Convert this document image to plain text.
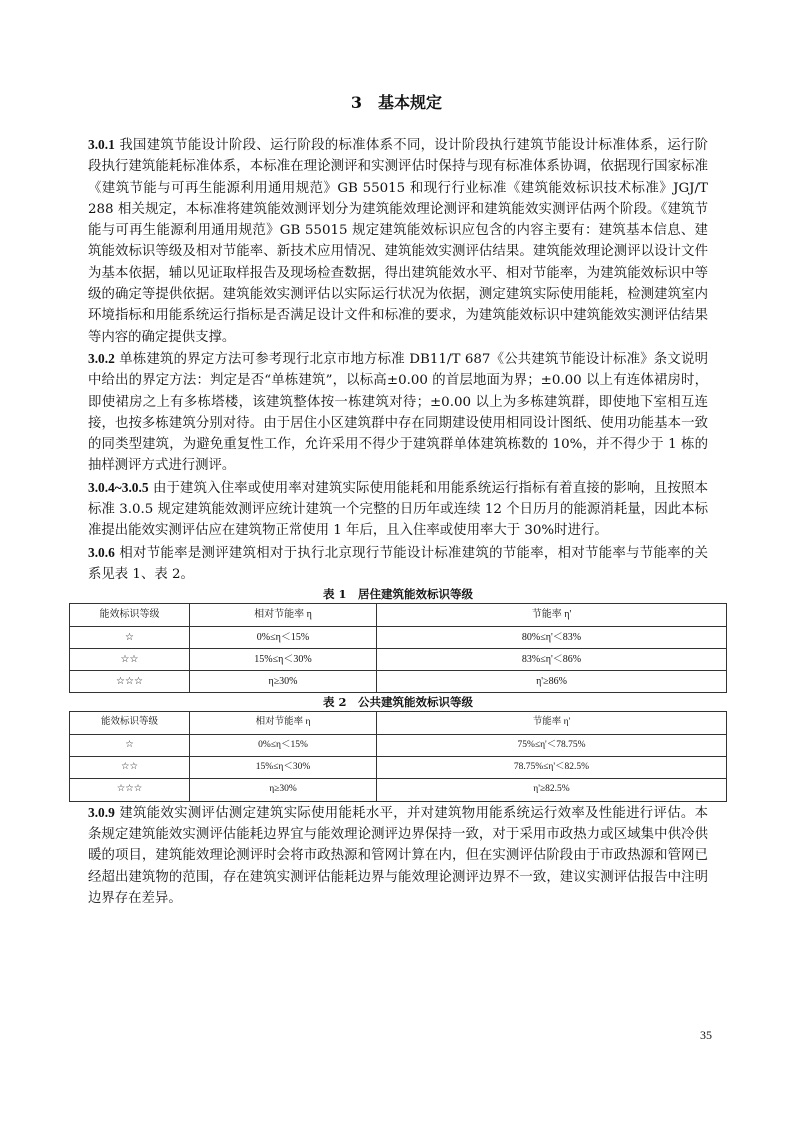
3　基本规定

3.0.1 我国建筑节能设计阶段、运行阶段的标准体系不同，设计阶段执行建筑节能设计标准体系，运行阶段执行建筑能耗标准体系，本标准在理论测评和实测评估时保持与现有标准体系协调，依据现行国家标准《建筑节能与可再生能源利用通用规范》GB 55015 和现行行业标准《建筑能效标识技术标准》JGJ/T 288 相关规定，本标准将建筑能效测评划分为建筑能效理论测评和建筑能效实测评估两个阶段。《建筑节能与可再生能源利用通用规范》GB 55015 规定建筑能效标识应包含的内容主要有：建筑基本信息、建筑能效标识等级及相对节能率、新技术应用情况、建筑能效实测评估结果。建筑能效理论测评以设计文件为基本依据，辅以见证取样报告及现场检查数据，得出建筑能效水平、相对节能率，为建筑能效标识中等级的确定等提供依据。建筑能效实测评估以实际运行状况为依据，测定建筑实际使用能耗，检测建筑室内环境指标和用能系统运行指标是否满足设计文件和标准的要求，为建筑能效标识中建筑能效实测评估结果等内容的确定提供支撑。

3.0.2 单栋建筑的界定方法可参考现行北京市地方标准 DB11/T 687《公共建筑节能设计标准》条文说明中给出的界定方法：判定是否“单栋建筑”，以标高±0.00 的首层地面为界；±0.00 以上有连体裙房时，即使裙房之上有多栋塔楼，该建筑整体按一栋建筑对待；±0.00 以上为多栋建筑群，即使地下室相互连接，也按多栋建筑分别对待。由于居住小区建筑群中存在同期建设使用相同设计图纸、使用功能基本一致的同类型建筑，为避免重复性工作，允许采用不得少于建筑群单体建筑栋数的 10%，并不得少于 1 栋的抽样测评方式进行测评。

3.0.4~3.0.5 由于建筑入住率或使用率对建筑实际使用能耗和用能系统运行指标有着直接的影响，且按照本标准 3.0.5 规定建筑能效测评应统计建筑一个完整的日历年或连续 12 个日历月的能源消耗量，因此本标准提出能效实测评估应在建筑物正常使用 1 年后，且入住率或使用率大于 30%时进行。

3.0.6 相对节能率是测评建筑相对于执行北京现行节能设计标准建筑的节能率，相对节能率与节能率的关系见表 1、表 2。

表 1　居住建筑能效标识等级
能效标识等级	相对节能率 η	节能率 η'
☆	0%≤η＜15%	80%≤η'＜83%
☆☆	15%≤η＜30%	83%≤η'＜86%
☆☆☆	η≥30%	η'≥86%
表 2　公共建筑能效标识等级
能效标识等级	相对节能率 η	节能率 η'
☆	0%≤η＜15%	75%≤η'＜78.75%
☆☆	15%≤η＜30%	78.75%≤η'＜82.5%
☆☆☆	η≥30%	η'≥82.5%

3.0.9 建筑能效实测评估测定建筑实际使用能耗水平，并对建筑物用能系统运行效率及性能进行评估。本条规定建筑能效实测评估能耗边界宜与能效理论测评边界保持一致，对于采用市政热力或区域集中供冷供暖的项目，建筑能效理论测评时会将市政热源和管网计算在内，但在实测评估阶段由于市政热源和管网已经超出建筑物的范围，存在建筑实测评估能耗边界与能效理论测评边界不一致，建议实测评估报告中注明边界存在差异。

35
